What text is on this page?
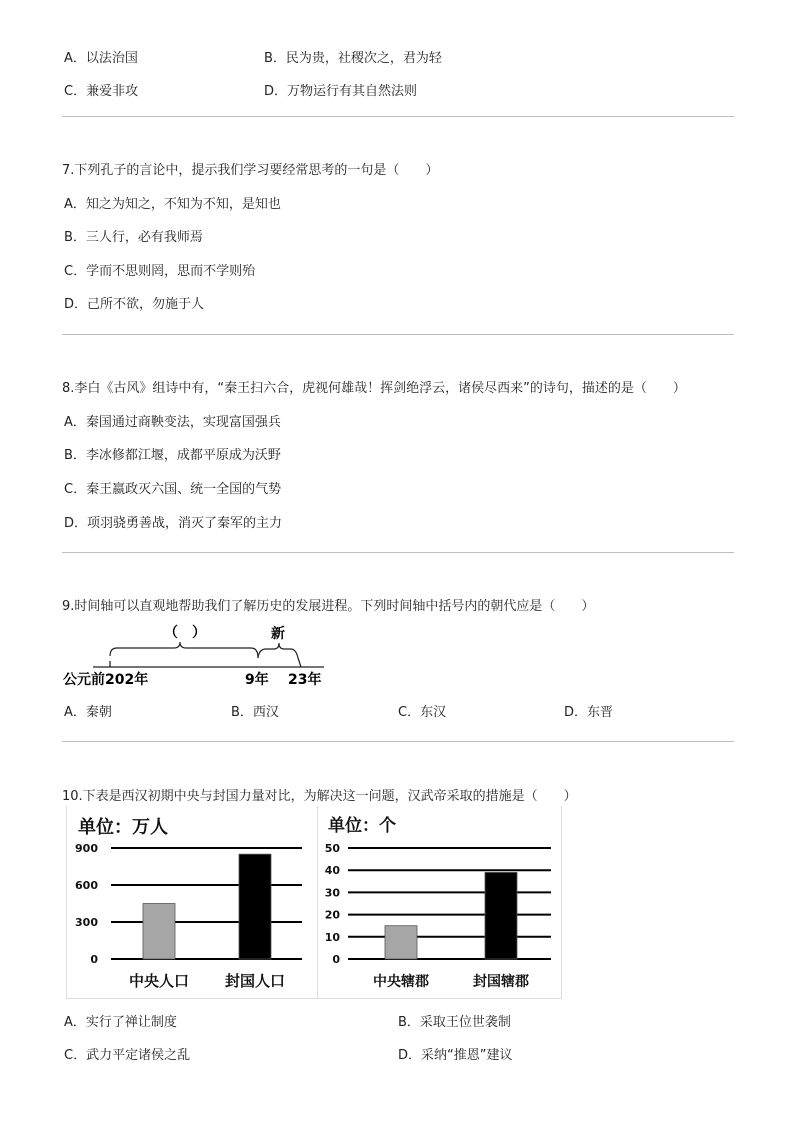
A．以法治国	B．民为贵，社稷次之，君为轻
C．兼爱非攻	D．万物运行有其自然法则
7.下列孔子的言论中，提示我们学习要经常思考的一句是（　　）
A．知之为知之，不知为不知，是知也
B．三人行，必有我师焉
C．学而不思则罔，思而不学则殆
D．己所不欲，勿施于人
8.李白《古风》组诗中有，“秦王扫六合，虎视何雄哉！挥剑绝浮云，诸侯尽西来”的诗句，描述的是（　　）
A．秦国通过商鞅变法，实现富国强兵
B．李冰修都江堰，成都平原成为沃野
C．秦王嬴政灭六国、统一全国的气势
D．项羽骁勇善战，消灭了秦军的主力
9.时间轴可以直观地帮助我们了解历史的发展进程。下列时间轴中括号内的朝代应是（　　）
（　）	新
公元前202年	9年 23年
A．秦朝	B．西汉	C．东汉	D．东晋
10.下表是西汉初期中央与封国力量对比，为解决这一问题，汉武帝采取的措施是（　　）
单位：万人
0
300
600
900
中央人口 封国人口
单位：个
0
10
20
30
40
50
中央辖郡	封国辖郡
A．实行了禅让制度	B．采取王位世袭制
C．武力平定诸侯之乱	D．采纳“推恩”建议
